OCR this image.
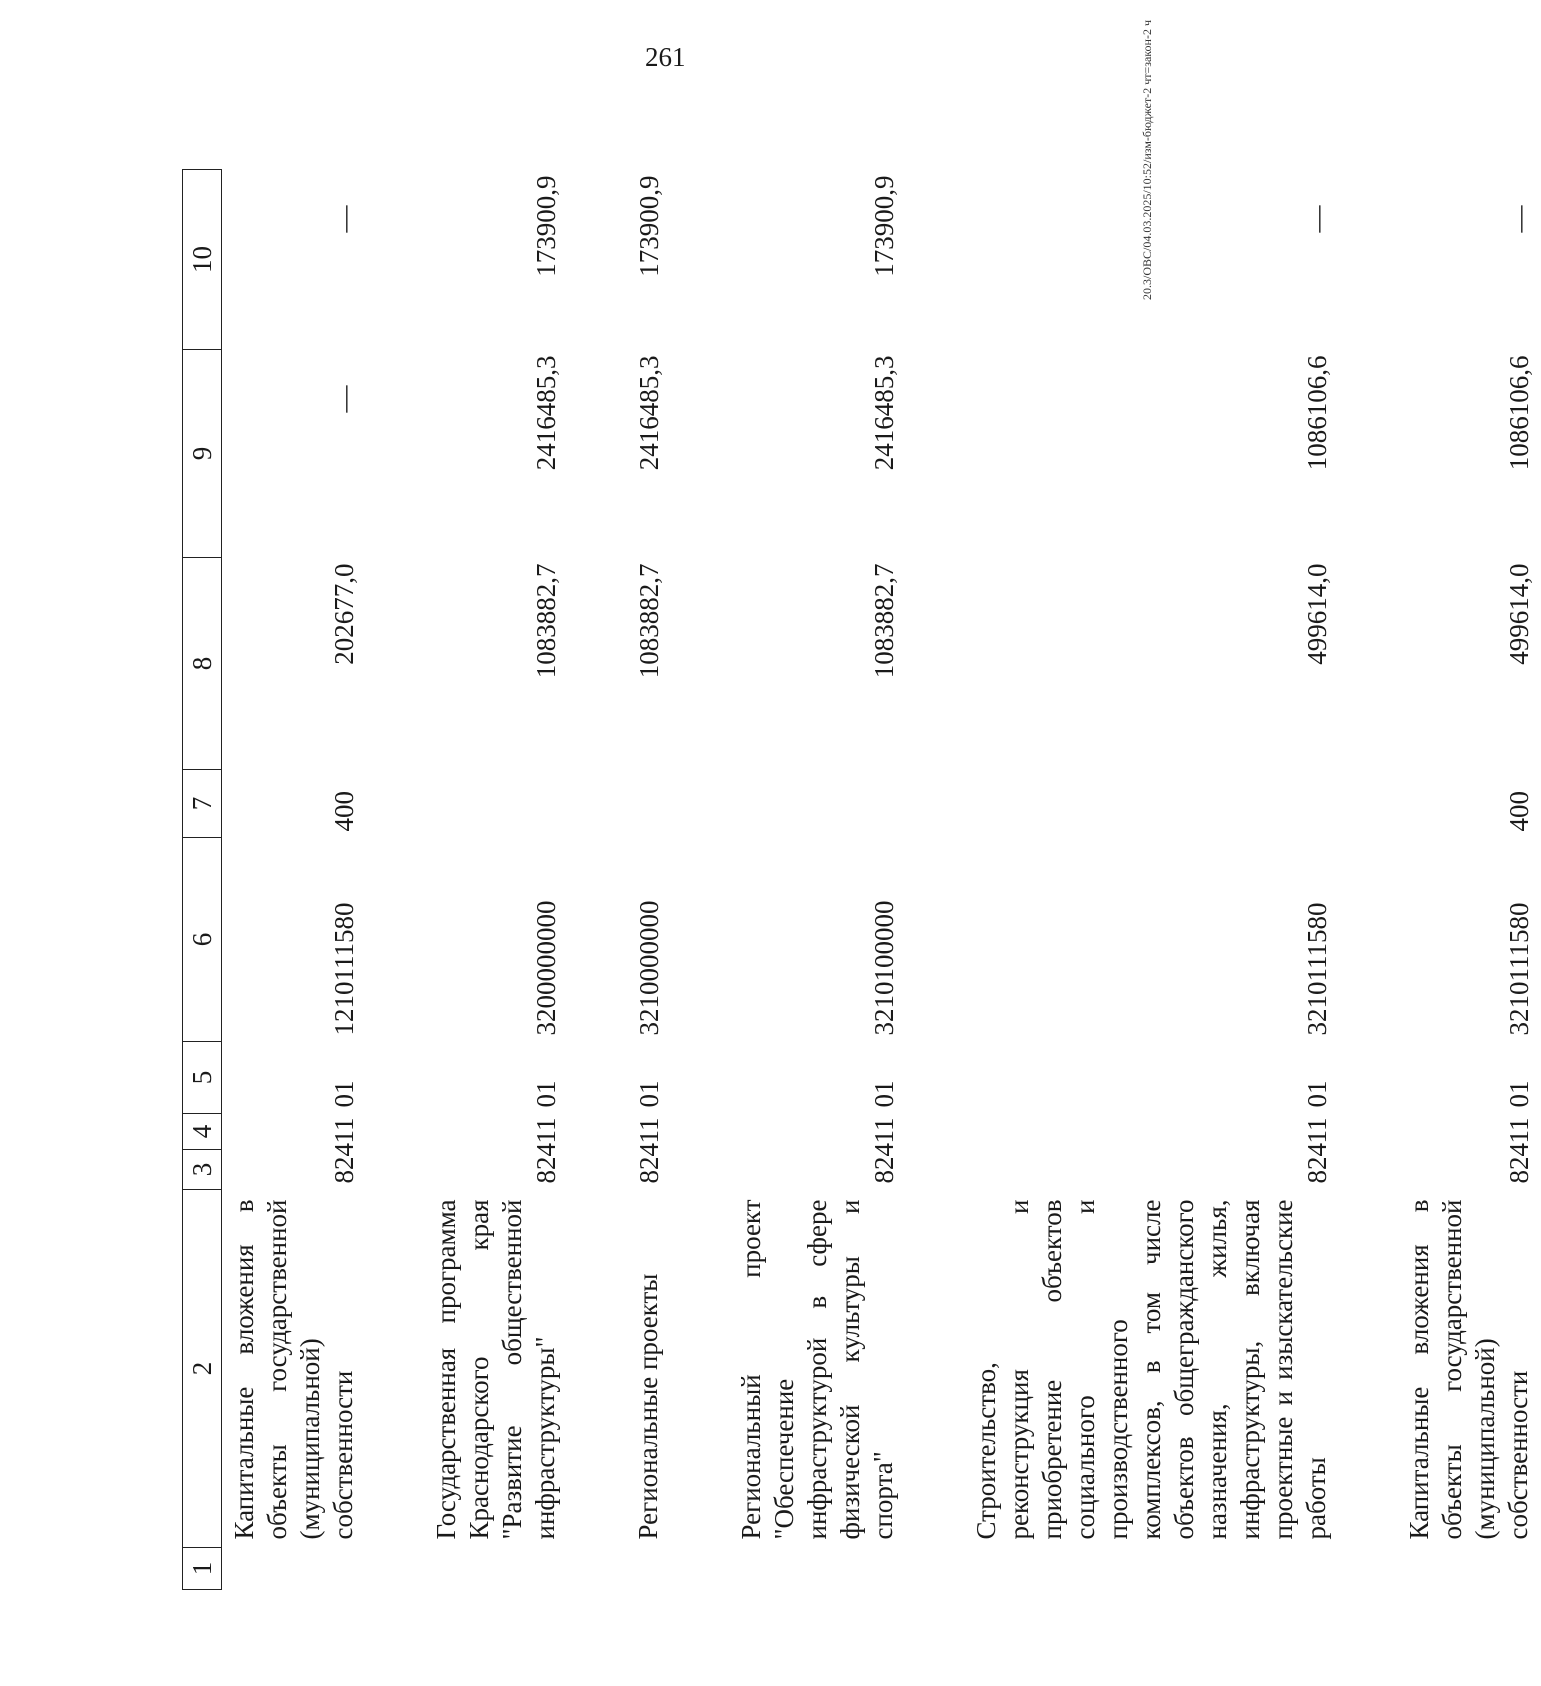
261	20.3/ОВС/04.03.2025/10:52/изм-бюджет-2 чт=закон-2 ч
1	2	3	4	5	6	7	8	9	10
	Капитальные вложения в объекты государственной (муниципальной) собственности	824	11	01	1210111580	400	202677,0	—	—

	Государственная программа Краснодарского края "Развитие общественной инфраструктуры"	824	11	01	3200000000		1083882,7	2416485,3	173900,9

	Региональные проекты	824	11	01	3210000000		1083882,7	2416485,3	173900,9

	Региональный проект "Обеспечение инфраструктурой в сфере физической культуры и спорта"	824	11	01	3210100000		1083882,7	2416485,3	173900,9

	Строительство, реконструкция и приобретение объектов социального и производственного комплексов, в том числе объектов общегражданского назначения, жилья, инфраструктуры, включая проектные и изыскательские работы	824	11	01	3210111580		499614,0	1086106,6	—

	Капитальные вложения в объекты государственной (муниципальной) собственности	824	11	01	3210111580	400	499614,0	1086106,6	—
